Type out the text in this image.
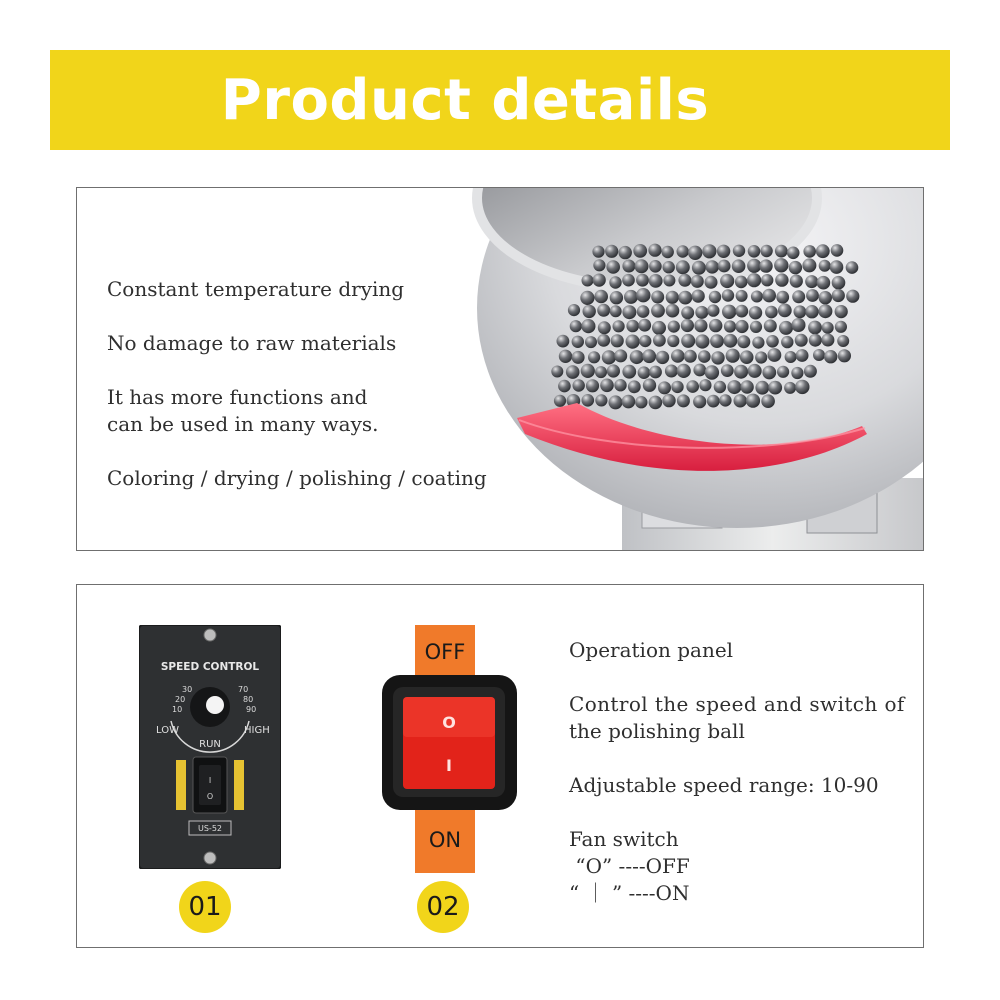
Product details
Constant temperature drying
No damage to raw materials
It has more functions and
can be used in many ways.
Coloring / drying / polishing / coating
SPEED CONTROL
30
20
10
70
80
90
LOW	HIGH
RUN
I
O
US-52
OFF
ON
O
I
01	02
Operation panel
Control the speed and switch of
the polishing ball
Adjustable speed range: 10-90
Fan switch
“O” ----OFF
“ ｜ ” ----ON
